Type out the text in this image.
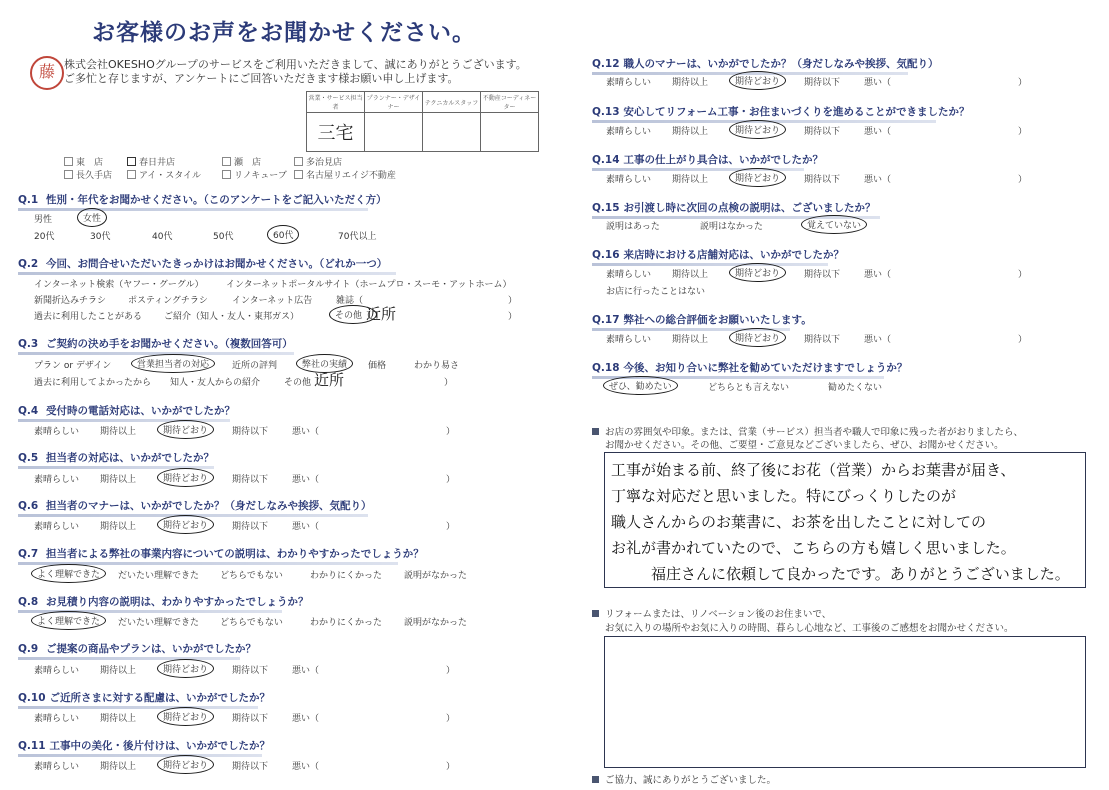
お客様のお声をお聞かせください。
藤 株式会社OKESHOグループのサービスをご利用いただきまして、誠にありがとうございます。
ご多忙と存じますが、アンケートにご回答いただきます様お願い申し上げます。
営業・サービス担当者	プランナー・デザイナー	テクニカルスタッフ	不動産コーディネーター
三宅			
東　店	春日井店	瀬　店	多治見店
長久手店	アイ・スタイル	リノキューブ	名古屋リエイジ不動産
Q.1 性別・年代をお聞かせください。（このアンケートをご記入いただく方）
男性	女性
20代	30代	40代	50代	60代	70代以上
Q.2 今回、お問合せいただいたきっかけはお聞かせください。（どれか一つ）
インターネット検索（ヤフー・グーグル） インターネットポータルサイト（ホームプロ・スーモ・アットホーム）
新聞折込みチラシ ポスティングチラシ	インターネット広告	雑誌（	）
過去に利用したことがある ご紹介（知人・友人・東邦ガス）	その他（
近所	）
Q.3 ご契約の決め手をお聞かせください。（複数回答可）
プラン or デザイン	営業担当者の対応	近所の評判	弊社の実績	価格	わかり易さ
過去に利用してよかったから 知人・友人からの紹介	その他（
近所	）
Q.4 受付時の電話対応は、いかがでしたか？
素晴らしい 期待以上	期待どおり	期待以下	悪い（	）
Q.5 担当者の対応は、いかがでしたか？
素晴らしい 期待以上	期待どおり	期待以下	悪い（	）
Q.6 担当者のマナーは、いかがでしたか？（身だしなみや挨拶、気配り）
素晴らしい 期待以上	期待どおり	期待以下	悪い（	）
Q.7 担当者による弊社の事業内容についての説明は、わかりやすかったでしょうか？
よく理解できた	だいたい理解できた どちらでもない	わかりにくかった 説明がなかった
Q.8 お見積り内容の説明は、わかりやすかったでしょうか？
よく理解できた	だいたい理解できた どちらでもない	わかりにくかった 説明がなかった
Q.9 ご提案の商品やプランは、いかがでしたか？
素晴らしい 期待以上	期待どおり	期待以下	悪い（	）
Q.10 ご近所さまに対する配慮は、いかがでしたか？
素晴らしい 期待以上	期待どおり	期待以下	悪い（	）
Q.11 工事中の美化・後片付けは、いかがでしたか？
素晴らしい 期待以上	期待どおり	期待以下	悪い（	）
Q.12 職人のマナーは、いかがでしたか？（身だしなみや挨拶、気配り）
素晴らしい 期待以上	期待どおり	期待以下	悪い（	）
Q.13 安心してリフォーム工事・お住まいづくりを進めることができましたか？
素晴らしい 期待以上	期待どおり	期待以下	悪い（	）
Q.14 工事の仕上がり具合は、いかがでしたか？
素晴らしい 期待以上	期待どおり	期待以下	悪い（	）
Q.15 お引渡し時に次回の点検の説明は、ございましたか？
説明はあった	説明はなかった	覚えていない
Q.16 来店時における店舗対応は、いかがでしたか？
素晴らしい 期待以上	期待どおり	期待以下	悪い（	）
お店に行ったことはない
Q.17 弊社への総合評価をお願いいたします。
素晴らしい 期待以上	期待どおり	期待以下	悪い（	）
Q.18 今後、お知り合いに弊社を勧めていただけますでしょうか？
ぜひ、勧めたい	どちらとも言えない	勧めたくない
お店の雰囲気や印象。または、営業（サービス）担当者や職人で印象に残った者がおりましたら、
お聞かせください。その他、ご要望・ご意見などございましたら、ぜひ、お聞かせください。
工事が始まる前、終了後にお花（営業）からお葉書が届き、
丁寧な対応だと思いました。特にびっくりしたのが
職人さんからのお葉書に、お茶を出したことに対しての
お礼が書かれていたので、こちらの方も嬉しく思いました。
福庄さんに依頼して良かったです。ありがとうございました。
リフォームまたは、リノベーション後のお住まいで、
お気に入りの場所やお気に入りの時間、暮らし心地など、工事後のご感想をお聞かせください。
ご協力、誠にありがとうございました。
